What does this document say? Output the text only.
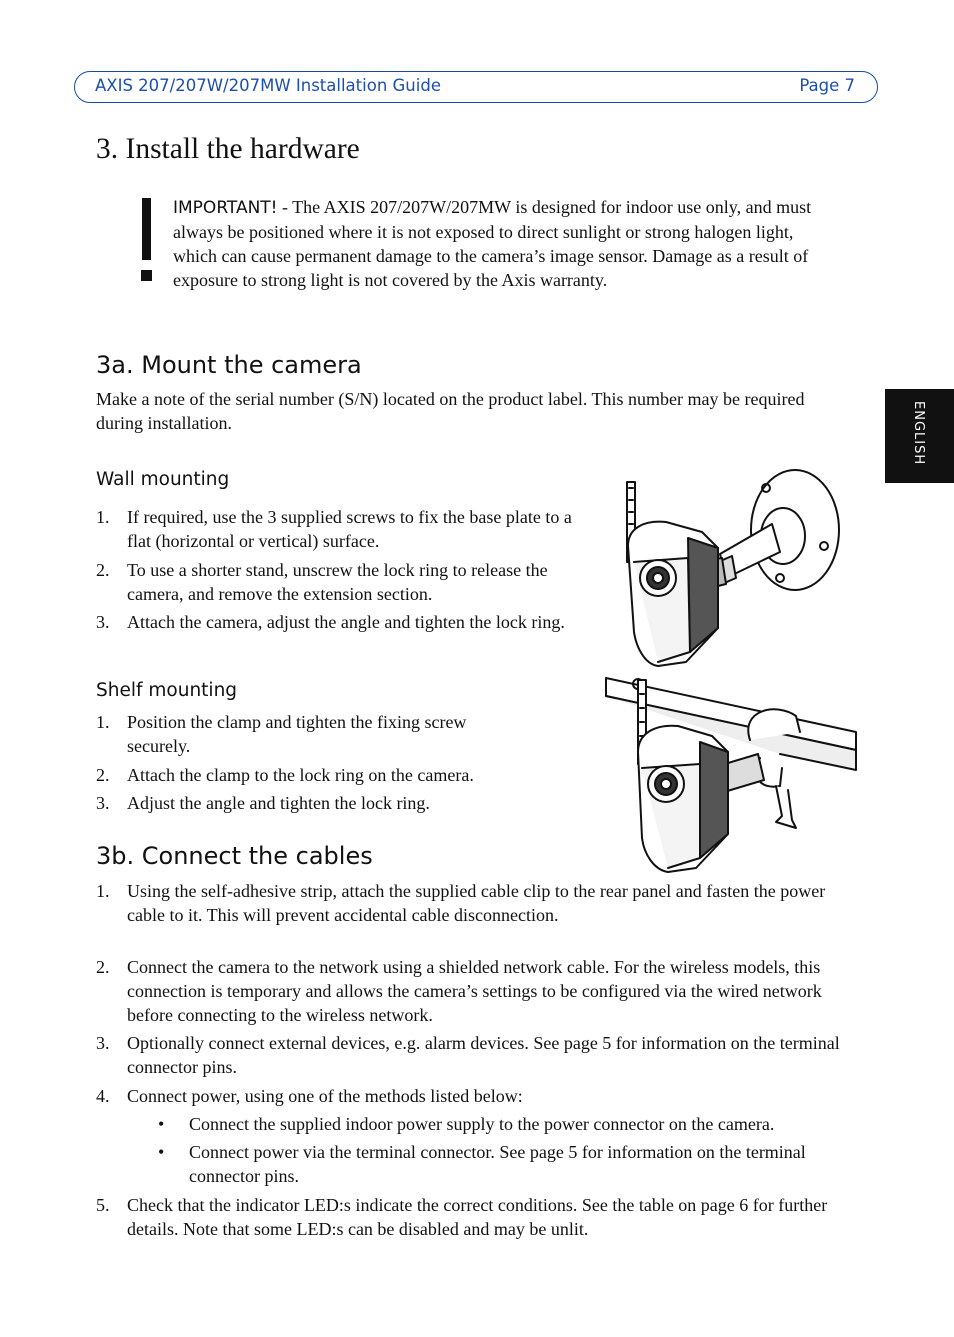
AXIS 207/207W/207MW Installation Guide	Page 7
ENGLISH
3. Install the hardware

IMPORTANT! - The AXIS 207/207W/207MW is designed for indoor use only, and must always be positioned where it is not exposed to direct sunlight or strong halogen light, which can cause permanent damage to the camera’s image sensor. Damage as a result of exposure to strong light is not covered by the Axis warranty.

3a. Mount the camera

Make a note of the serial number (S/N) located on the product label. This number may be required during installation.

Wall mounting
1. If required, use the 3 supplied screws to fix the base plate to a flat (horizontal or vertical) surface.
2. To use a shorter stand, unscrew the lock ring to release the camera, and remove the extension section.
3. Attach the camera, adjust the angle and tighten the lock ring.
Shelf mounting
1. Position the clamp and tighten the fixing screw securely.
2. Attach the clamp to the lock ring on the camera.
3. Adjust the angle and tighten the lock ring.
3b. Connect the cables
1. Using the self-adhesive strip, attach the supplied cable clip to the rear panel and fasten the power cable to it. This will prevent accidental cable disconnection.
2. Connect the camera to the network using a shielded network cable. For the wireless models, this connection is temporary and allows the camera’s settings to be configured via the wired network before connecting to the wireless network.
3. Optionally connect external devices, e.g. alarm devices. See page 5 for information on the terminal connector pins.
4. Connect power, using one of the methods listed below:
• Connect the supplied indoor power supply to the power connector on the camera.
• Connect power via the terminal connector. See page 5 for information on the terminal connector pins.
5. Check that the indicator LED:s indicate the correct conditions. See the table on page 6 for further details. Note that some LED:s can be disabled and may be unlit.
